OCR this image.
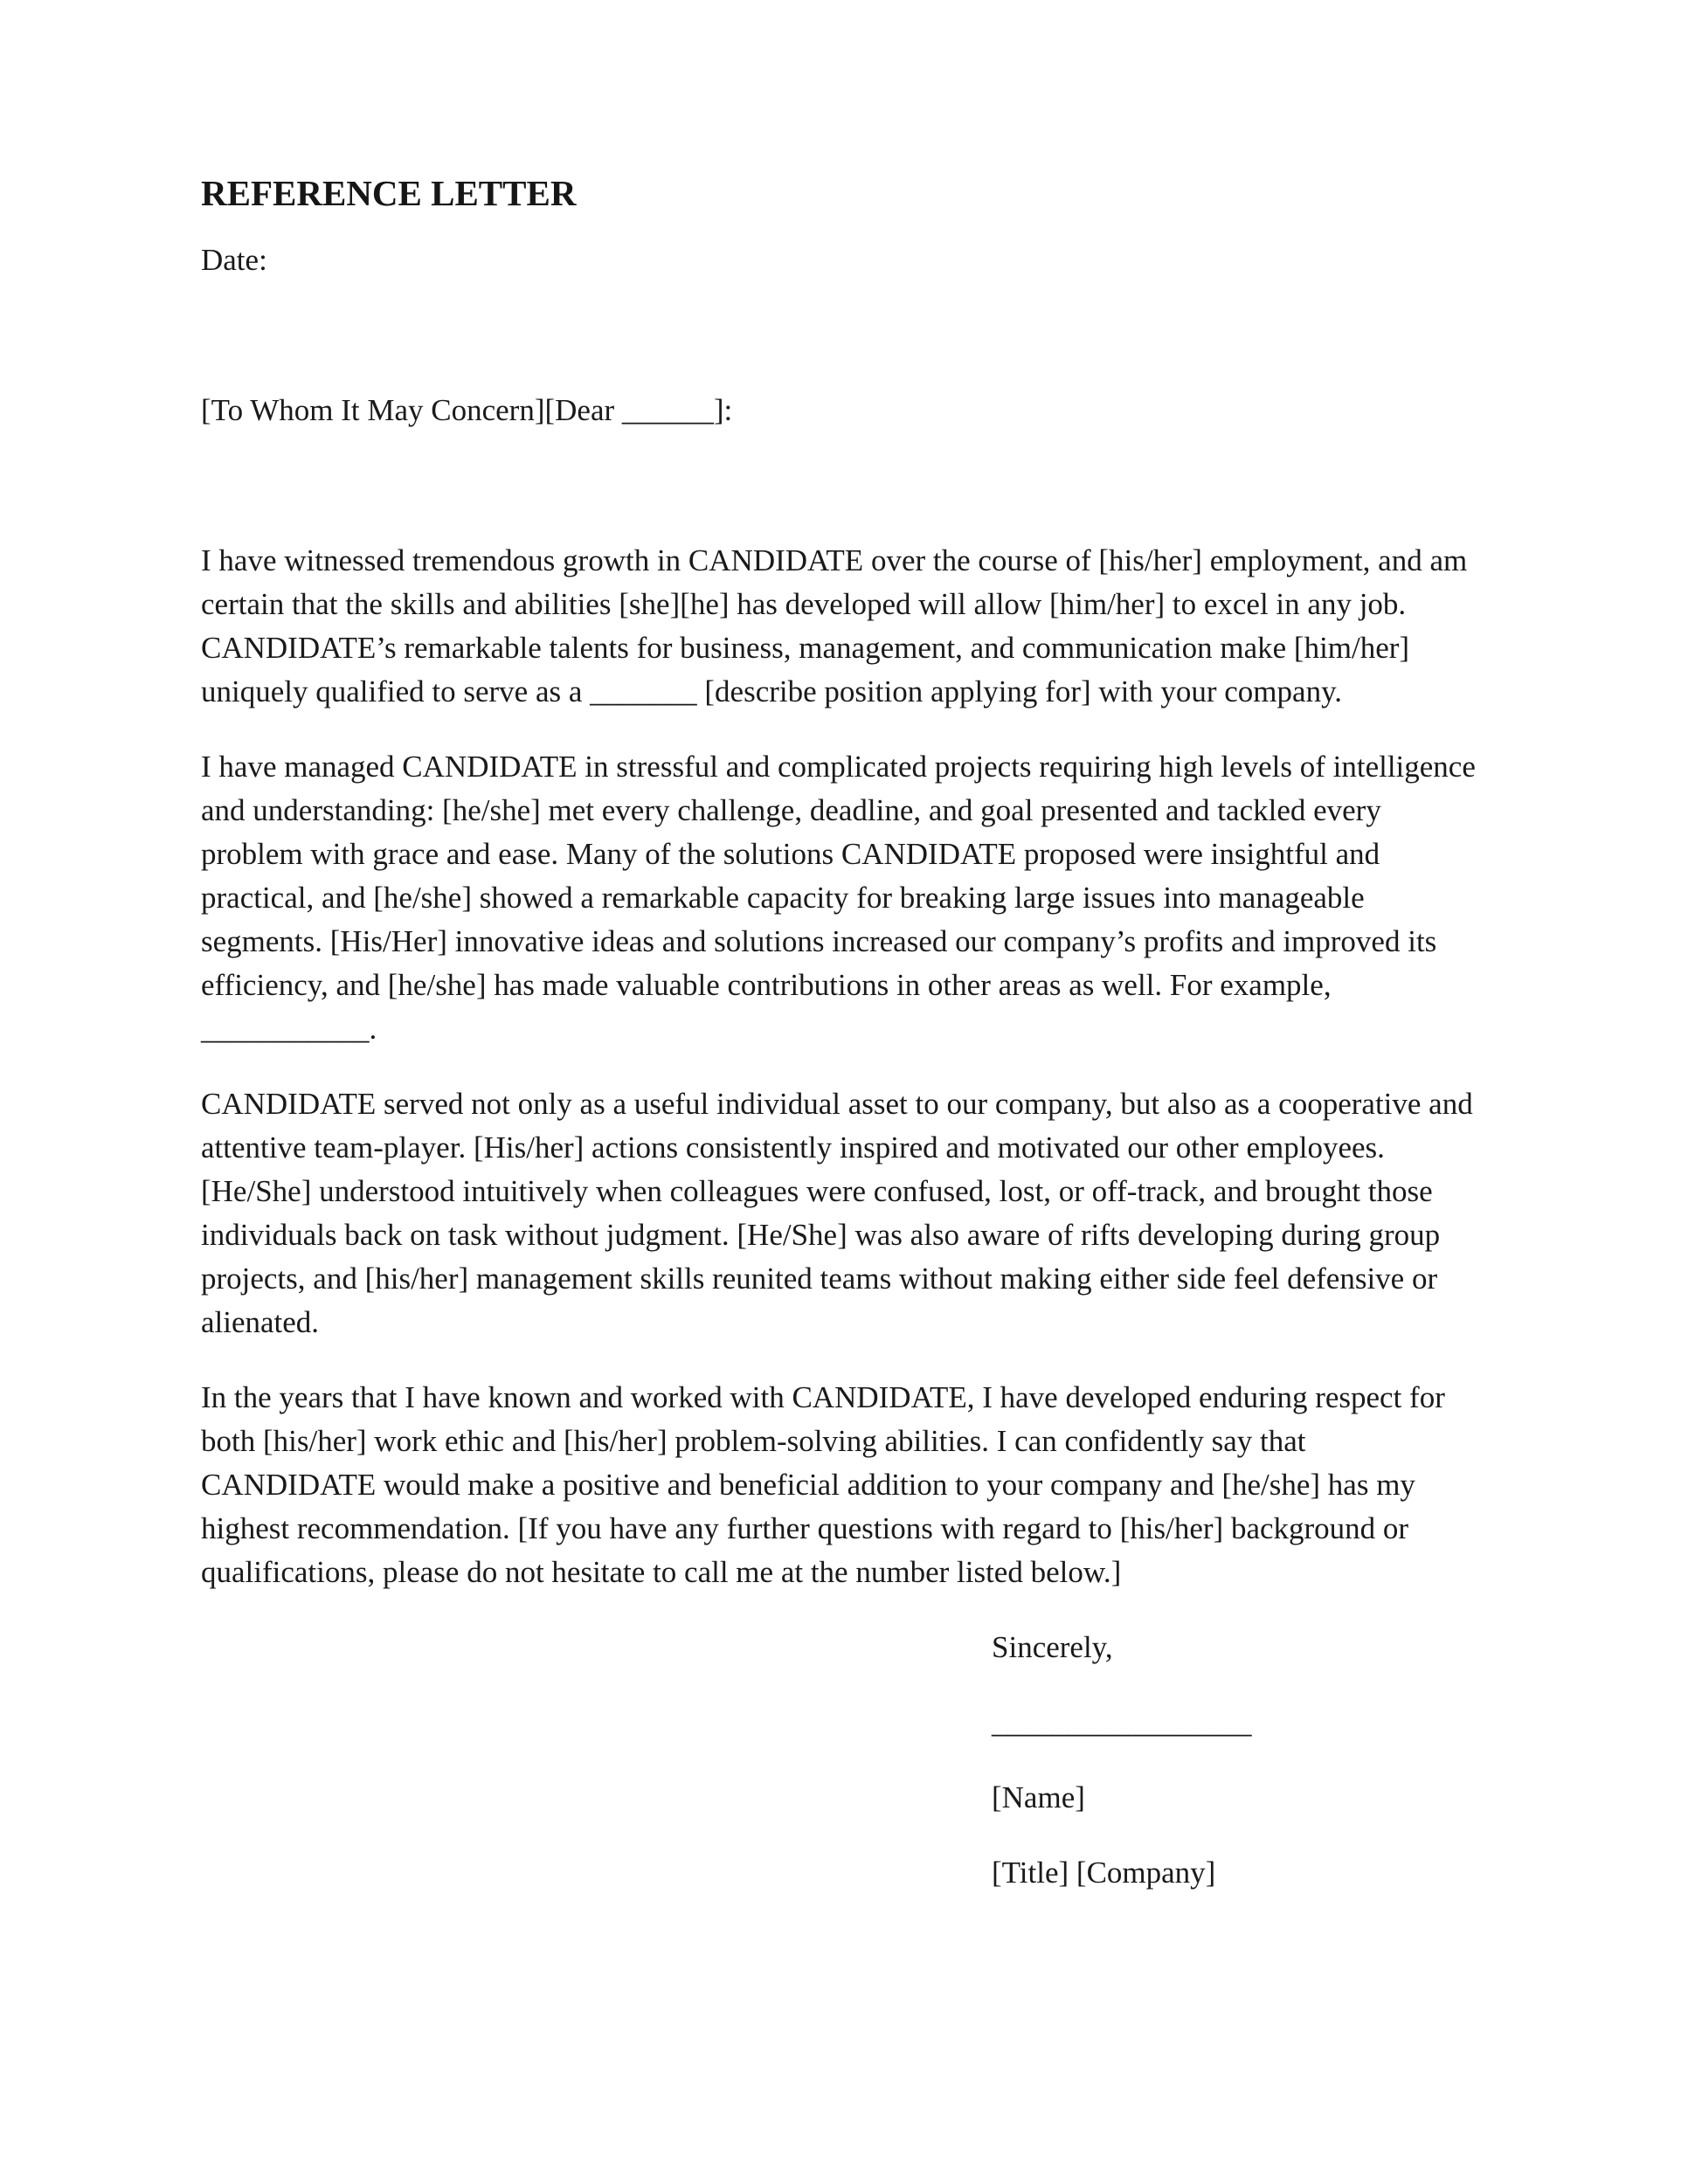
REFERENCE LETTER

Date:

[To Whom It May Concern][Dear ______]:

I have witnessed tremendous growth in CANDIDATE over the course of [his/her] employment, and am certain that the skills and abilities [she][he] has developed will allow [him/her] to excel in any job. CANDIDATE’s remarkable talents for business, management, and communication make [him/her] uniquely qualified to serve as a _______ [describe position applying for] with your company.

I have managed CANDIDATE in stressful and complicated projects requiring high levels of intelligence and understanding: [he/she] met every challenge, deadline, and goal presented and tackled every problem with grace and ease. Many of the solutions CANDIDATE proposed were insightful and practical, and [he/she] showed a remarkable capacity for breaking large issues into manageable segments. [His/Her] innovative ideas and solutions increased our company’s profits and improved its efficiency, and [he/she] has made valuable contributions in other areas as well. For example, ___________.

CANDIDATE served not only as a useful individual asset to our company, but also as a cooperative and attentive team-player. [His/her] actions consistently inspired and motivated our other employees. [He/She] understood intuitively when colleagues were confused, lost, or off-track, and brought those individuals back on task without judgment. [He/She] was also aware of rifts developing during group projects, and [his/her] management skills reunited teams without making either side feel defensive or alienated.

In the years that I have known and worked with CANDIDATE, I have developed enduring respect for both [his/her] work ethic and [his/her] problem-solving abilities. I can confidently say that CANDIDATE would make a positive and beneficial addition to your company and [he/she] has my highest recommendation. [If you have any further questions with regard to [his/her] background or qualifications, please do not hesitate to call me at the number listed below.]

Sincerely,

_________________

[Name]

[Title] [Company]
